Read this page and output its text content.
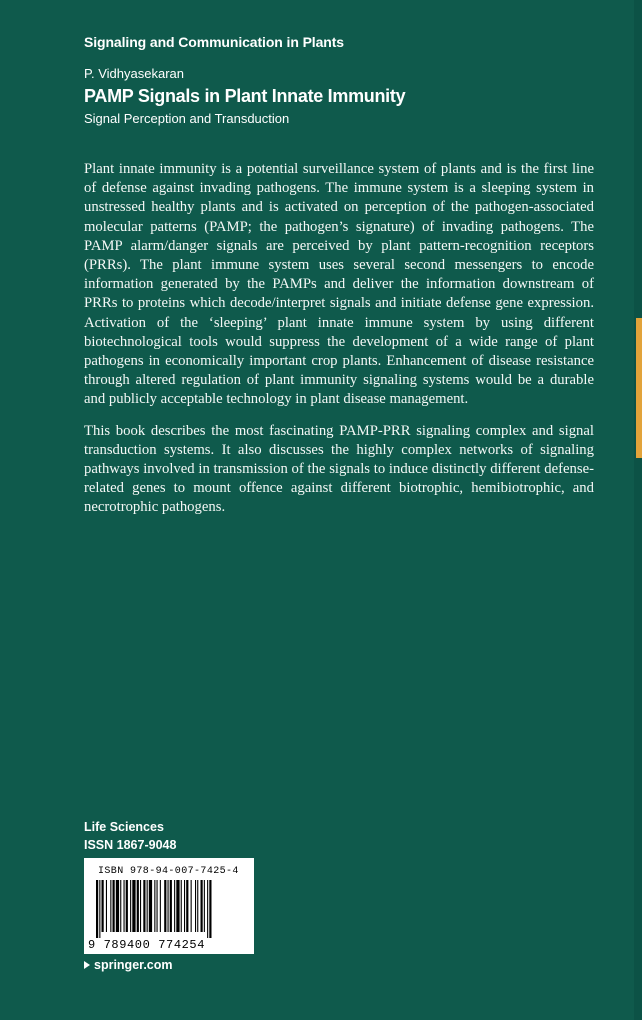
Signaling and Communication in Plants
P. Vidhyasekaran
PAMP Signals in Plant Innate Immunity
Signal Perception and Transduction

Plant innate immunity is a potential surveillance system of plants and is the first line of defense against invading pathogens. The immune system is a sleeping system in unstressed healthy plants and is activated on perception of the pathogen-associated molecular patterns (PAMP; the pathogen’s signature) of invading pathogens. The PAMP alarm/danger signals are perceived by plant pattern-recognition receptors (PRRs). The plant immune system uses several second messengers to encode information generated by the PAMPs and deliver the information downstream of PRRs to proteins which decode/interpret signals and initiate defense gene expression. Activation of the ‘sleeping’ plant innate immune system by using different biotechnological tools would suppress the development of a wide range of plant pathogens in economically important crop plants. Enhancement of disease resistance through altered regulation of plant immunity signaling systems would be a durable and publicly acceptable technology in plant disease management.

This book describes the most fascinating PAMP-PRR signaling complex and signal transduction systems. It also discusses the highly complex networks of signaling pathways involved in transmission of the signals to induce distinctly different defense-related genes to mount offence against different biotrophic, hemibiotrophic, and necrotrophic pathogens.

Life Sciences
ISSN 1867-9048
ISBN 978-94-007-7425-4
9 789400 774254
springer.com
